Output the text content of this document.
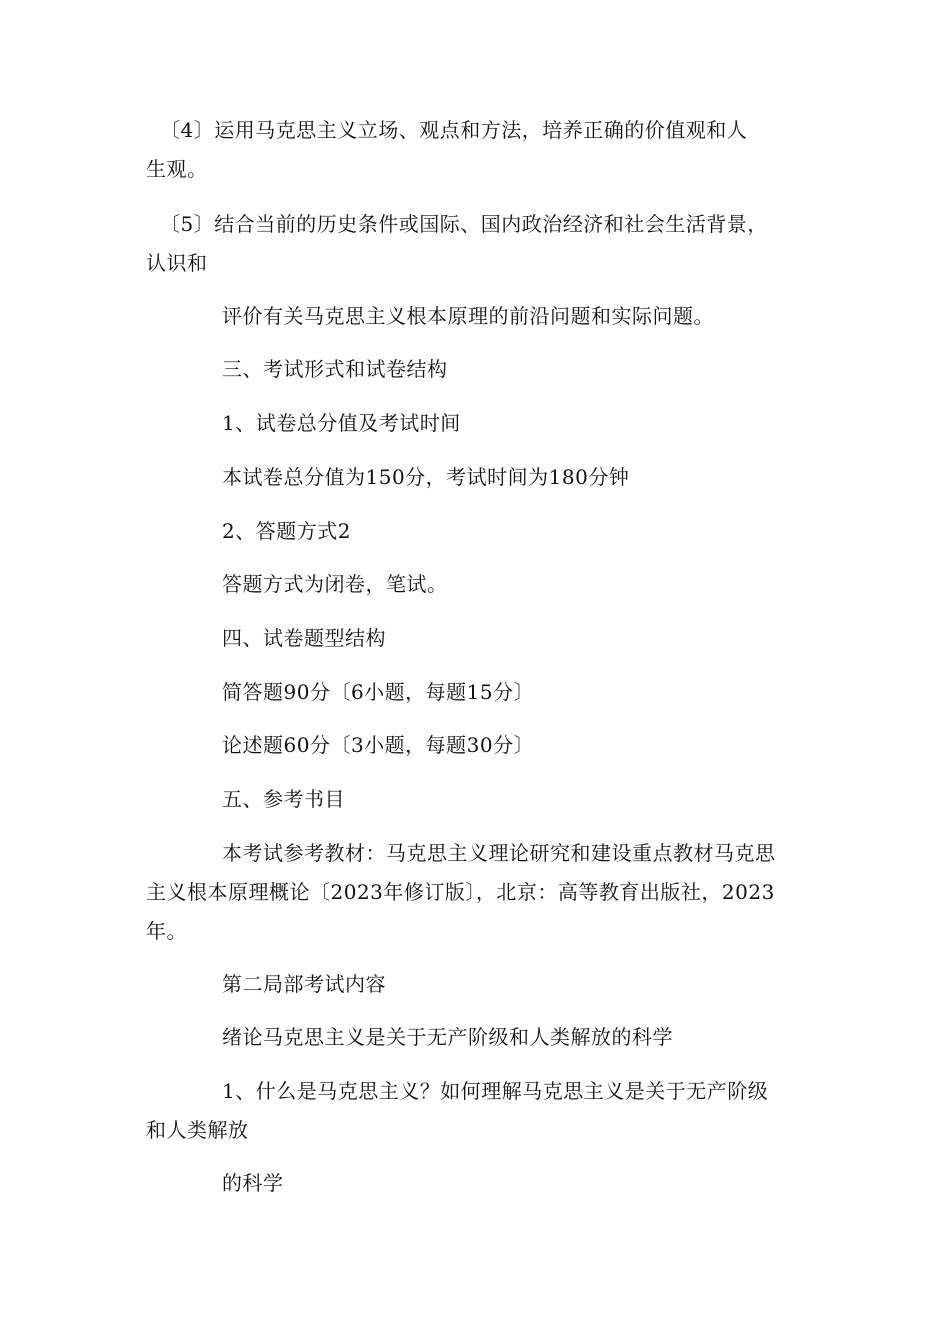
〔4〕运用马克思主义立场、观点和方法，培养正确的价值观和人
生观。
〔5〕结合当前的历史条件或国际、国内政治经济和社会生活背景，
认识和
评价有关马克思主义根本原理的前沿问题和实际问题。
三、考试形式和试卷结构
1、试卷总分值及考试时间
本试卷总分值为150分，考试时间为180分钟
2、答题方式2
答题方式为闭卷，笔试。
四、试卷题型结构
简答题90分〔6小题，每题15分〕
论述题60分〔3小题，每题30分〕
五、参考书目
本考试参考教材：马克思主义理论研究和建设重点教材马克思
主义根本原理概论〔2023年修订版〕，北京：高等教育出版社，2023
年。
第二局部考试内容
绪论马克思主义是关于无产阶级和人类解放的科学
1、什么是马克思主义？如何理解马克思主义是关于无产阶级
和人类解放
的科学
